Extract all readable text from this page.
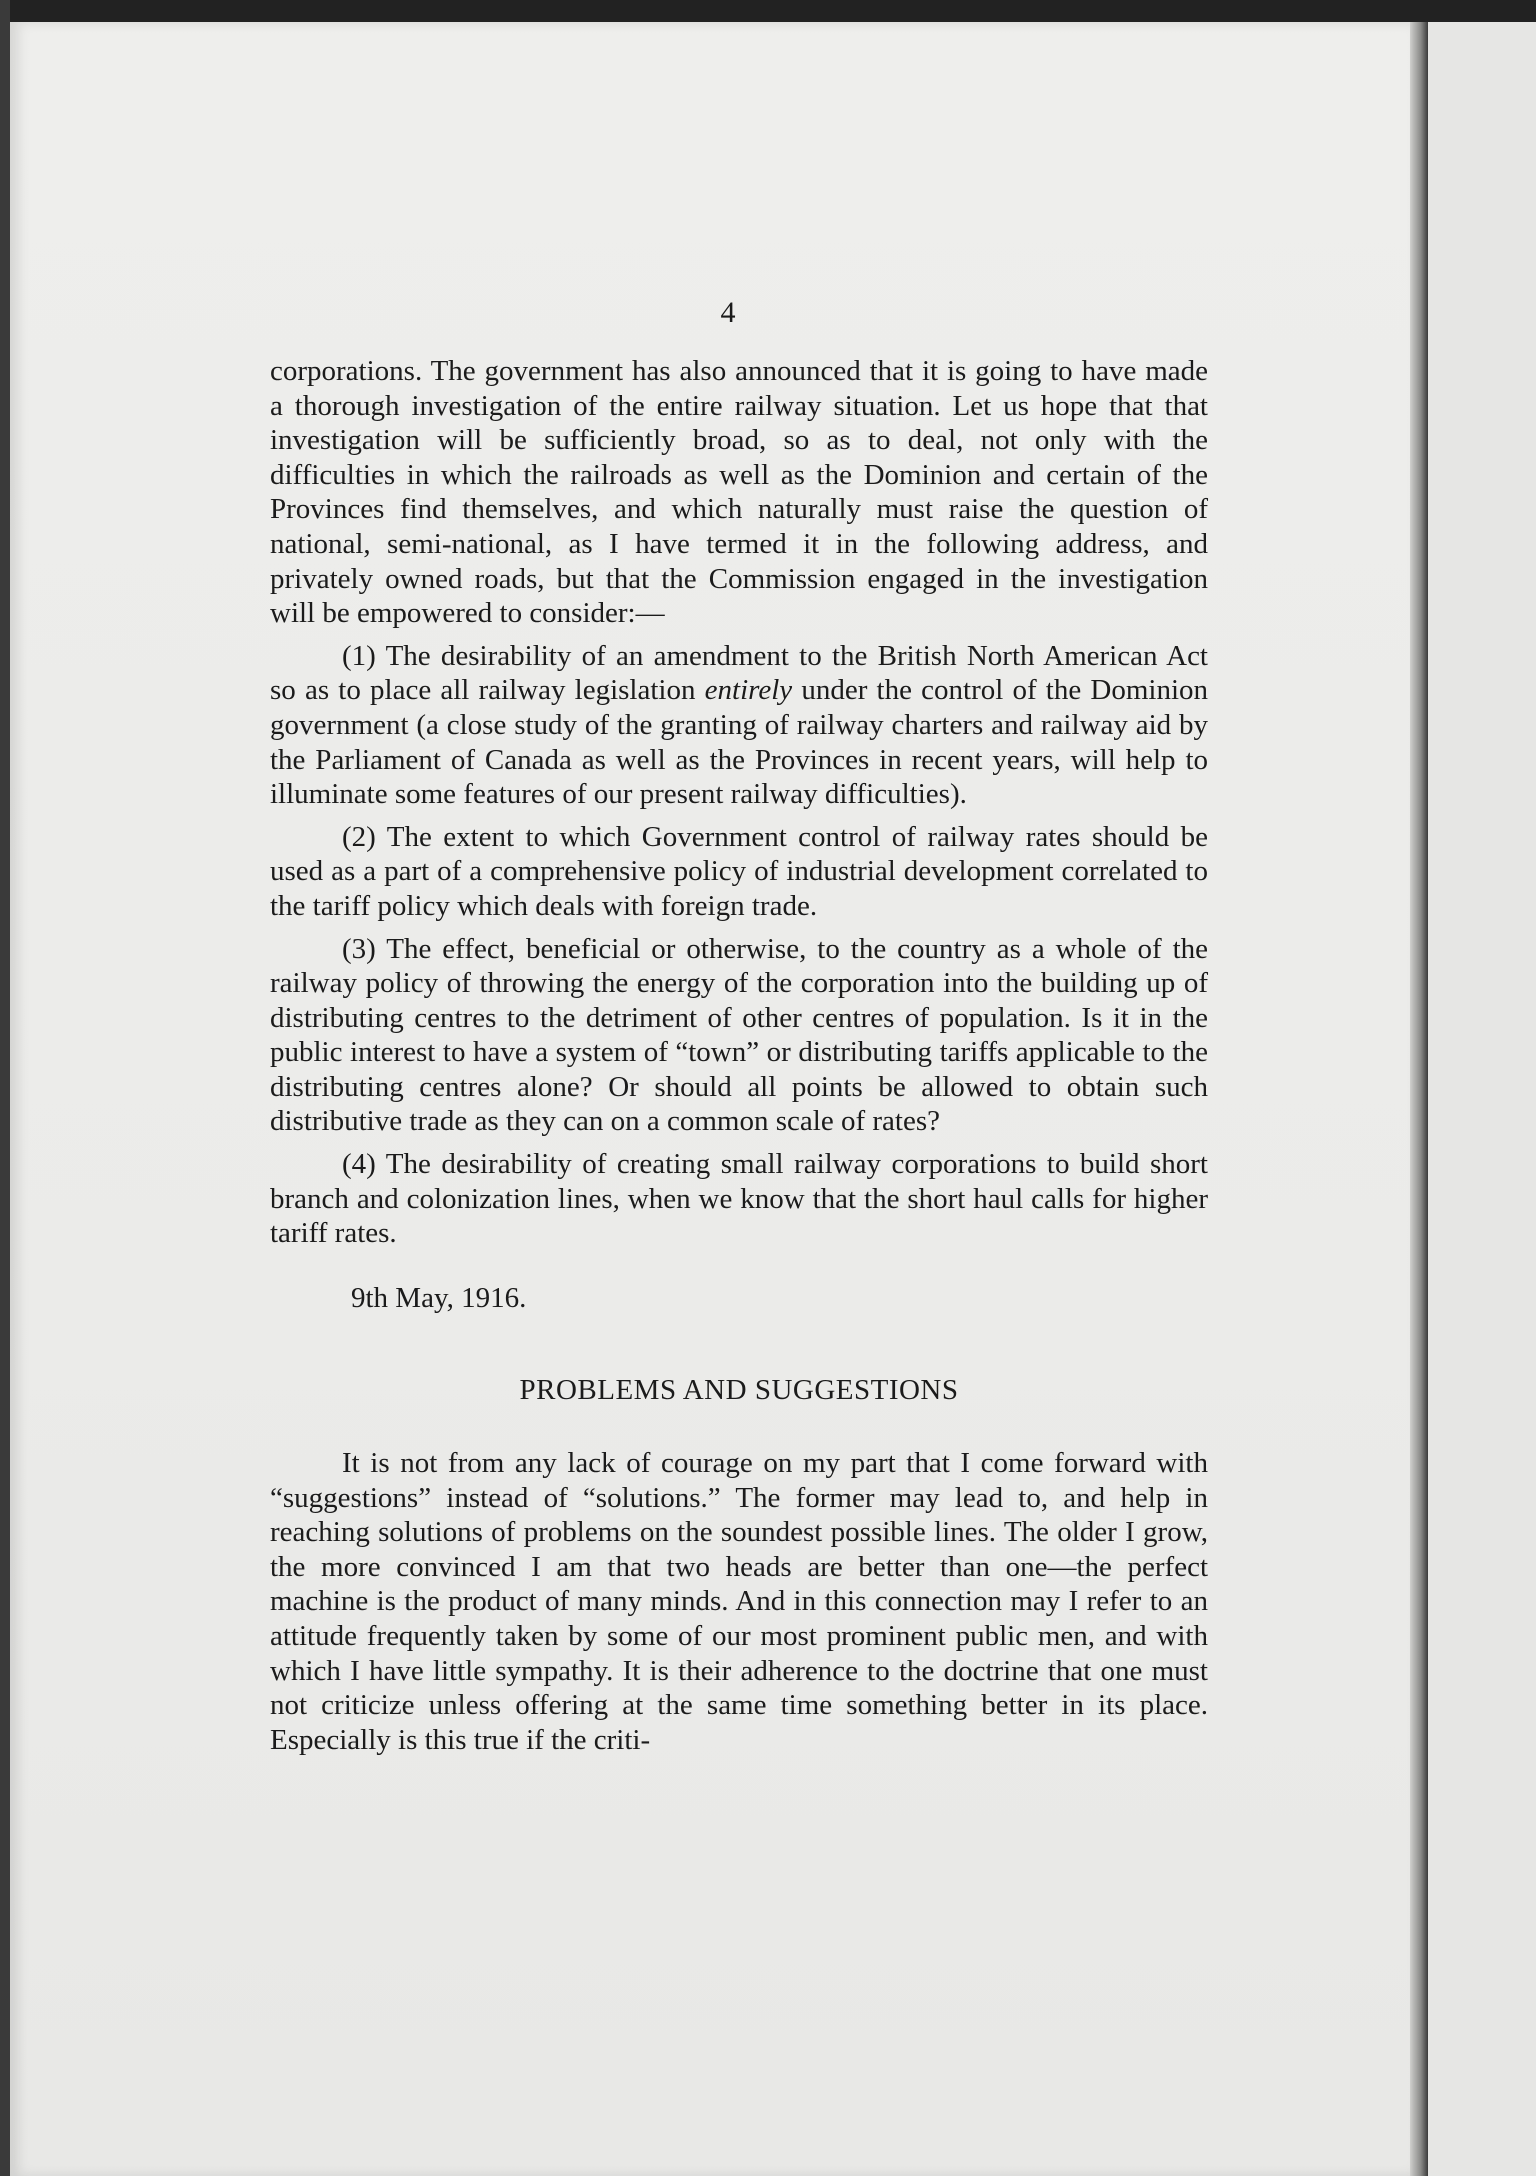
4

corporations. The government has also announced that it is going to have made a thorough investigation of the entire railway situation. Let us hope that that investigation will be sufficiently broad, so as to deal, not only with the difficulties in which the railroads as well as the Dominion and certain of the Provinces find themselves, and which naturally must raise the question of national, semi-national, as I have termed it in the following address, and privately owned roads, but that the Commission engaged in the investigation will be empowered to consider:—

(1) The desirability of an amendment to the British North American Act so as to place all railway legislation entirely under the control of the Dominion government (a close study of the granting of railway charters and railway aid by the Parliament of Canada as well as the Provinces in recent years, will help to illuminate some features of our present railway difficulties).

(2) The extent to which Government control of railway rates should be used as a part of a comprehensive policy of industrial development correlated to the tariff policy which deals with foreign trade.

(3) The effect, beneficial or otherwise, to the country as a whole of the railway policy of throwing the energy of the corporation into the building up of distributing centres to the detriment of other centres of population. Is it in the public interest to have a system of “town” or distributing tariffs applicable to the distributing centres alone? Or should all points be allowed to obtain such distributive trade as they can on a common scale of rates?

(4) The desirability of creating small railway corporations to build short branch and colonization lines, when we know that the short haul calls for higher tariff rates.

9th May, 1916.

PROBLEMS AND SUGGESTIONS

It is not from any lack of courage on my part that I come forward with “suggestions” instead of “solutions.” The former may lead to, and help in reaching solutions of problems on the soundest possible lines. The older I grow, the more convinced I am that two heads are better than one—the perfect machine is the product of many minds. And in this connection may I refer to an attitude frequently taken by some of our most prominent public men, and with which I have little sympathy. It is their adherence to the doctrine that one must not criticize unless offering at the same time something better in its place. Especially is this true if the criti-
